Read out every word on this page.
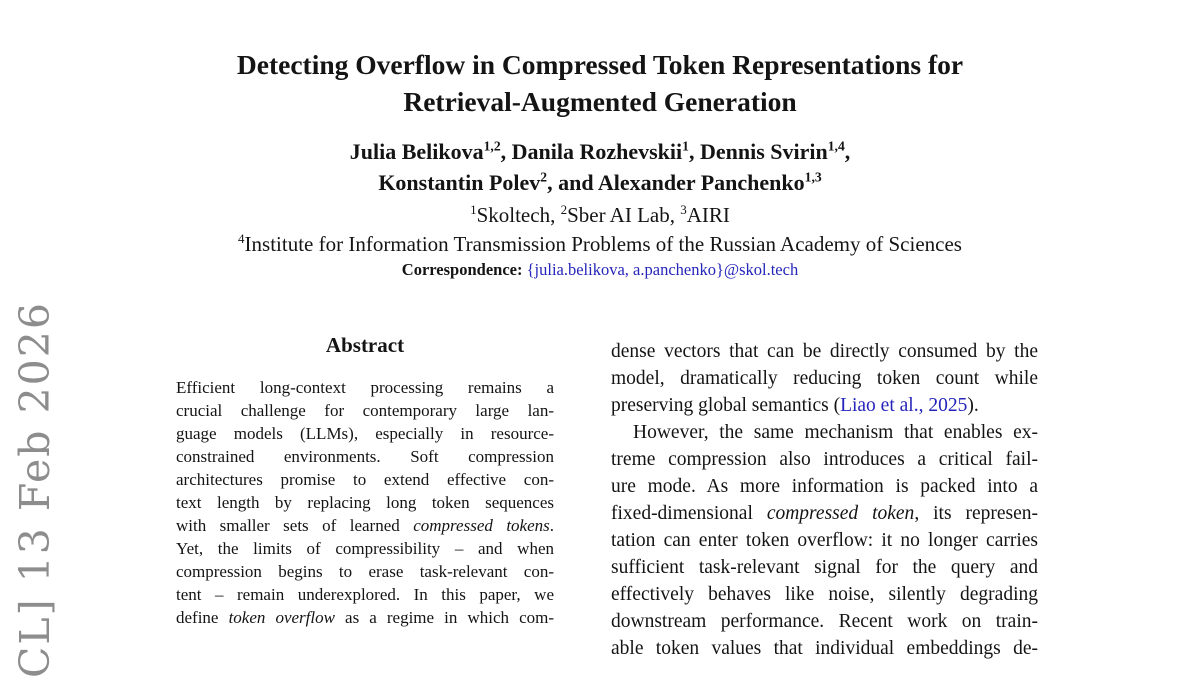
CL] 13 Feb 2026
Detecting Overflow in Compressed Token Representations for
Retrieval-Augmented Generation
Julia Belikova$^{1,2}$, Danila Rozhevskii$^1$, Dennis Svirin$^{1,4}$,
Konstantin Polev$^2$, and Alexander Panchenko$^{1,3}$
$^1$Skoltech, $^2$Sber AI Lab, $^3$AIRI
$^4$Institute for Information Transmission Problems of the Russian Academy of Sciences
Correspondence: {julia.belikova, a.panchenko}@skol.tech
Abstract
Efficient long-context processing remains a
crucial challenge for contemporary large lan-
guage models (LLMs), especially in resource-
constrained environments. Soft compression
architectures promise to extend effective con-
text length by replacing long token sequences
with smaller sets of learned compressed tokens.
Yet, the limits of compressibility – and when
compression begins to erase task-relevant con-
tent – remain underexplored. In this paper, we
define token overflow as a regime in which com-
dense vectors that can be directly consumed by the
model, dramatically reducing token count while
preserving global semantics (Liao et al., 2025).
However, the same mechanism that enables ex-
treme compression also introduces a critical fail-
ure mode. As more information is packed into a
fixed-dimensional compressed token, its represen-
tation can enter token overflow: it no longer carries
sufficient task-relevant signal for the query and
effectively behaves like noise, silently degrading
downstream performance. Recent work on train-
able token values that individual embeddings de-
